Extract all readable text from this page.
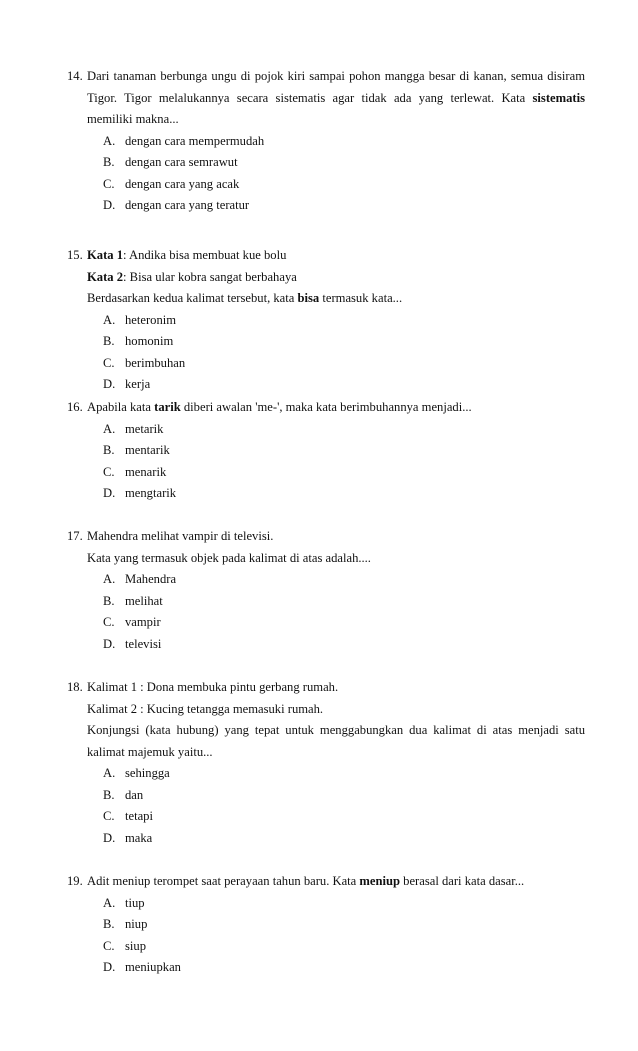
14. Dari tanaman berbunga ungu di pojok kiri sampai pohon mangga besar di kanan, semua disiram
Tigor. Tigor melalukannya secara sistematis agar tidak ada yang terlewat. Kata sistematis
memiliki makna...
A. dengan cara mempermudah
B. dengan cara semrawut
C. dengan cara yang acak
D. dengan cara yang teratur
15. Kata 1: Andika bisa membuat kue bolu
Kata 2: Bisa ular kobra sangat berbahaya
Berdasarkan kedua kalimat tersebut, kata bisa termasuk kata...
A. heteronim
B. homonim
C. berimbuhan
D. kerja
16. Apabila kata tarik diberi awalan 'me-', maka kata berimbuhannya menjadi...
A. metarik
B. mentarik
C. menarik
D. mengtarik
17. Mahendra melihat vampir di televisi.
Kata yang termasuk objek pada kalimat di atas adalah....
A. Mahendra
B. melihat
C. vampir
D. televisi
18. Kalimat 1 : Dona membuka pintu gerbang rumah.
Kalimat 2 : Kucing tetangga memasuki rumah.
Konjungsi (kata hubung) yang tepat untuk menggabungkan dua kalimat di atas menjadi satu
kalimat majemuk yaitu...
A. sehingga
B. dan
C. tetapi
D. maka
19. Adit meniup terompet saat perayaan tahun baru. Kata meniup berasal dari kata dasar...
A. tiup
B. niup
C. siup
D. meniupkan
